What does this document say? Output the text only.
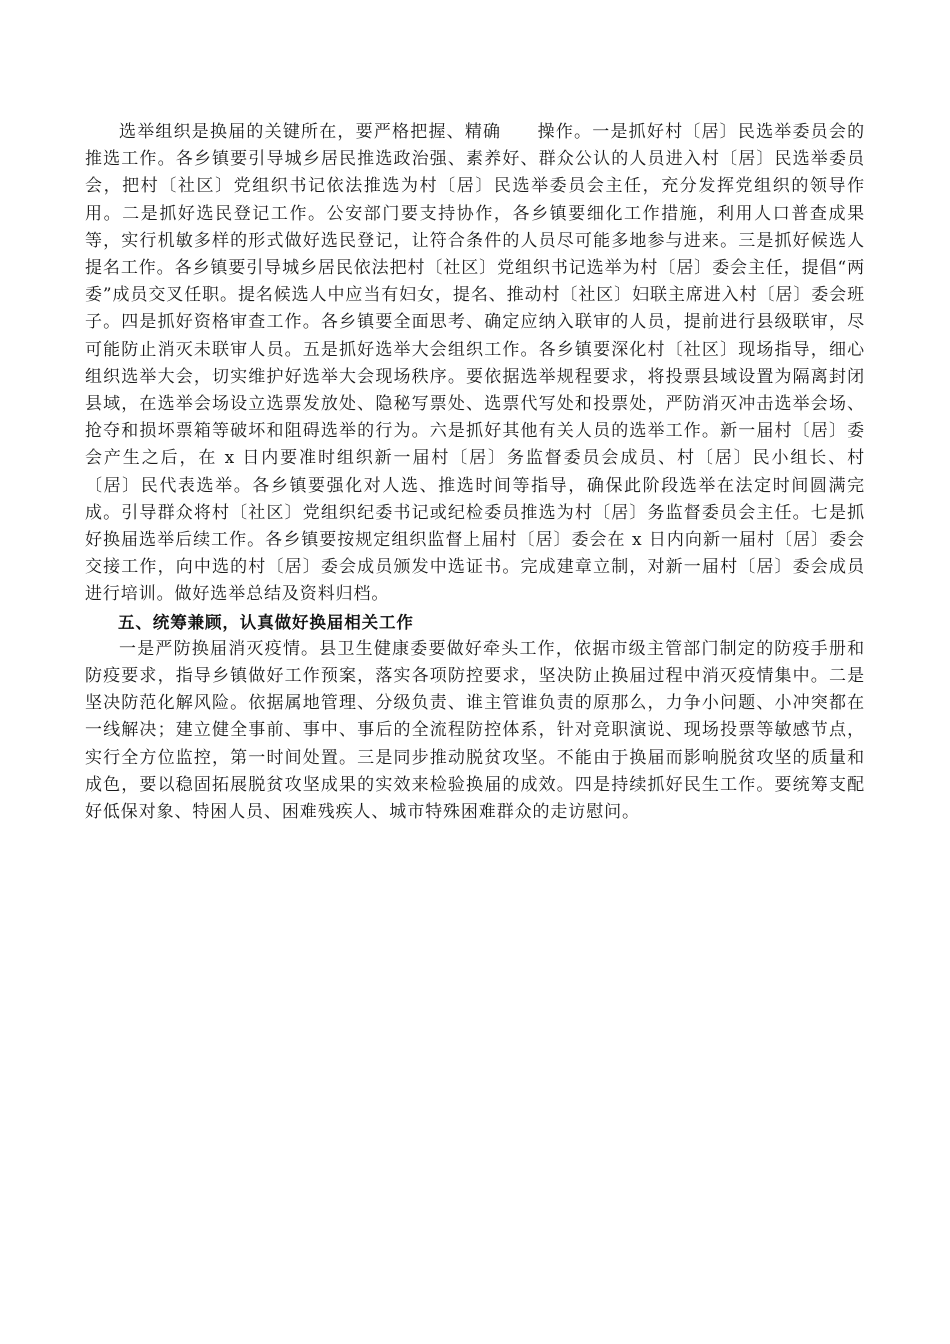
选举组织是换届的关键所在，要严格把握、精确　　操作。一是抓好村〔居〕民选举委员会的推选工作。各乡镇要引导城乡居民推选政治强、素养好、群众公认的人员进入村〔居〕民选举委员会，把村〔社区〕党组织书记依法推选为村〔居〕民选举委员会主任，充分发挥党组织的领导作用。二是抓好选民登记工作。公安部门要支持协作，各乡镇要细化工作措施，利用人口普查成果等，实行机敏多样的形式做好选民登记，让符合条件的人员尽可能多地参与进来。三是抓好候选人提名工作。各乡镇要引导城乡居民依法把村〔社区〕党组织书记选举为村〔居〕委会主任，提倡“两委”成员交叉任职。提名候选人中应当有妇女，提名、推动村〔社区〕妇联主席进入村〔居〕委会班子。四是抓好资格审查工作。各乡镇要全面思考、确定应纳入联审的人员，提前进行县级联审，尽可能防止消灭未联审人员。五是抓好选举大会组织工作。各乡镇要深化村〔社区〕现场指导，细心组织选举大会，切实维护好选举大会现场秩序。要依据选举规程要求，将投票县域设置为隔离封闭县域，在选举会场设立选票发放处、隐秘写票处、选票代写处和投票处，严防消灭冲击选举会场、抢夺和损坏票箱等破坏和阻碍选举的行为。六是抓好其他有关人员的选举工作。新一届村〔居〕委会产生之后，在 x 日内要准时组织新一届村〔居〕务监督委员会成员、村〔居〕民小组长、村〔居〕民代表选举。各乡镇要强化对人选、推选时间等指导，确保此阶段选举在法定时间圆满完成。引导群众将村〔社区〕党组织纪委书记或纪检委员推选为村〔居〕务监督委员会主任。七是抓好换届选举后续工作。各乡镇要按规定组织监督上届村〔居〕委会在 x 日内向新一届村〔居〕委会交接工作，向中选的村〔居〕委会成员颁发中选证书。完成建章立制，对新一届村〔居〕委会成员进行培训。做好选举总结及资料归档。

五、统筹兼顾，认真做好换届相关工作

一是严防换届消灭疫情。县卫生健康委要做好牵头工作，依据市级主管部门制定的防疫手册和防疫要求，指导乡镇做好工作预案，落实各项防控要求，坚决防止换届过程中消灭疫情集中。二是坚决防范化解风险。依据属地管理、分级负责、谁主管谁负责的原那么，力争小问题、小冲突都在一线解决；建立健全事前、事中、事后的全流程防控体系，针对竞职演说、现场投票等敏感节点，实行全方位监控，第一时间处置。三是同步推动脱贫攻坚。不能由于换届而影响脱贫攻坚的质量和成色，要以稳固拓展脱贫攻坚成果的实效来检验换届的成效。四是持续抓好民生工作。要统筹支配好低保对象、特困人员、困难残疾人、城市特殊困难群众的走访慰问。
